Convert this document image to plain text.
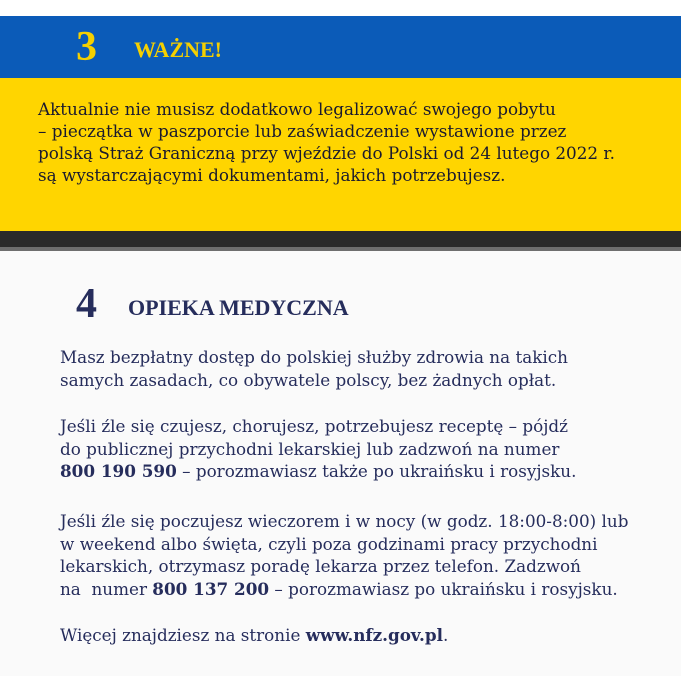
3 WAŻNE!
Aktualnie nie musisz dodatkowo legalizować swojego pobytu
– pieczątka w paszporcie lub zaświadczenie wystawione przez
polską Straż Graniczną przy wjeździe do Polski od 24 lutego 2022 r.
są wystarczającymi dokumentami, jakich potrzebujesz.
4 OPIEKA MEDYCZNA
Masz bezpłatny dostęp do polskiej służby zdrowia na takich
samych zasadach, co obywatele polscy, bez żadnych opłat.
Jeśli źle się czujesz, chorujesz, potrzebujesz receptę – pójdź
do publicznej przychodni lekarskiej lub zadzwoń na numer
800 190 590 – porozmawiasz także po ukraińsku i rosyjsku.
Jeśli źle się poczujesz wieczorem i w nocy (w godz. 18:00-8:00) lub
w weekend albo święta, czyli poza godzinami pracy przychodni
lekarskich, otrzymasz poradę lekarza przez telefon. Zadzwoń
na  numer 800 137 200 – porozmawiasz po ukraińsku i rosyjsku.
Więcej znajdziesz na stronie www.nfz.gov.pl.
